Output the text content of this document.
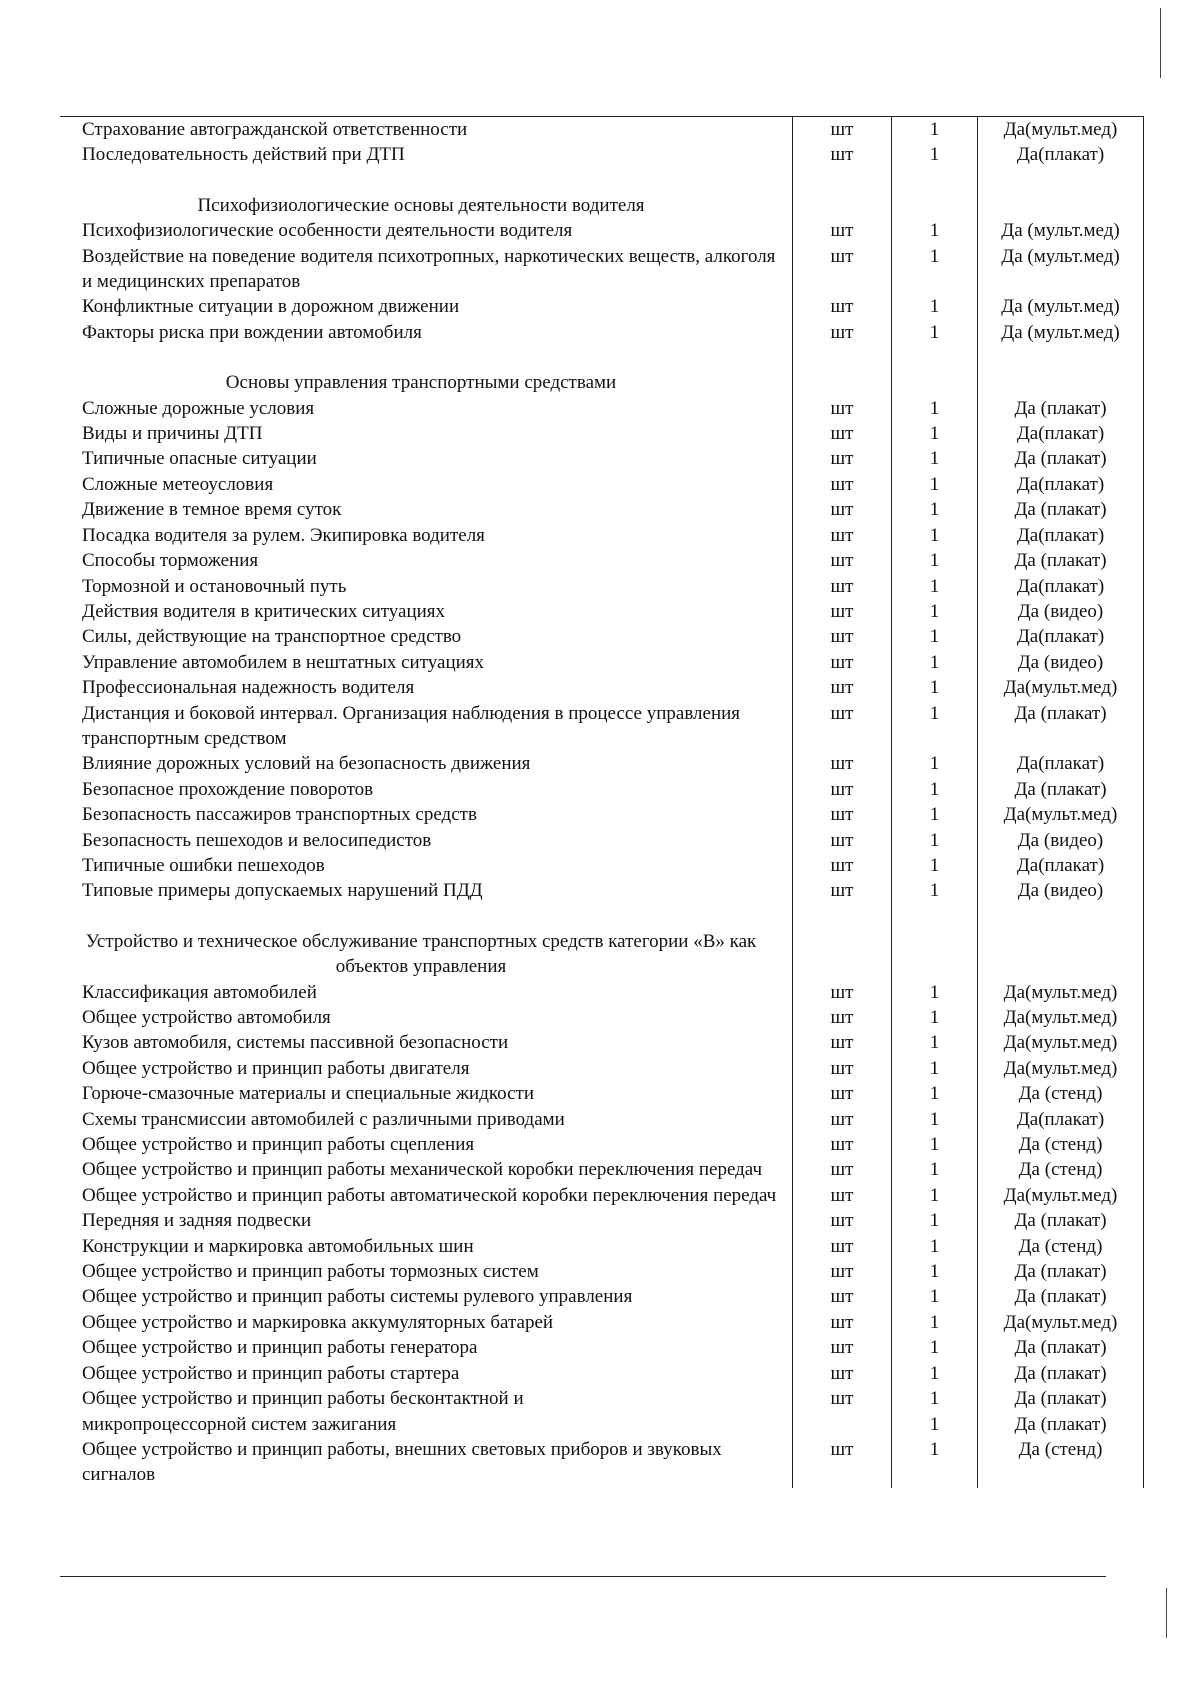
Страхование автогражданской ответственности	шт	1	Да(мульт.мед)
Последовательность действий при ДТП	шт	1	Да(плакат)

Психофизиологические основы деятельности водителя			
Психофизиологические особенности деятельности водителя	шт	1	Да (мульт.мед)
Воздействие на поведение водителя психотропных, наркотических веществ, алкоголя и медицинских препаратов	шт	1	Да (мульт.мед)
Конфликтные ситуации в дорожном движении	шт	1	Да (мульт.мед)
Факторы риска при вождении автомобиля	шт	1	Да (мульт.мед)

Основы управления транспортными средствами			
Сложные дорожные условия	шт	1	Да (плакат)
Виды и причины ДТП	шт	1	Да(плакат)
Типичные опасные ситуации	шт	1	Да (плакат)
Сложные метеоусловия	шт	1	Да(плакат)
Движение в темное время суток	шт	1	Да (плакат)
Посадка водителя за рулем. Экипировка водителя	шт	1	Да(плакат)
Способы торможения	шт	1	Да (плакат)
Тормозной и остановочный путь	шт	1	Да(плакат)
Действия водителя в критических ситуациях	шт	1	Да (видео)
Силы, действующие на транспортное средство	шт	1	Да(плакат)
Управление автомобилем в нештатных ситуациях	шт	1	Да (видео)
Профессиональная надежность водителя	шт	1	Да(мульт.мед)
Дистанция и боковой интервал. Организация наблюдения в процессе управления транспортным средством	шт	1	Да (плакат)
Влияние дорожных условий на безопасность движения	шт	1	Да(плакат)
Безопасное прохождение поворотов	шт	1	Да (плакат)
Безопасность пассажиров транспортных средств	шт	1	Да(мульт.мед)
Безопасность пешеходов и велосипедистов	шт	1	Да (видео)
Типичные ошибки пешеходов	шт	1	Да(плакат)
Типовые примеры допускаемых нарушений ПДД	шт	1	Да (видео)

Устройство и техническое обслуживание транспортных средств категории «В» как объектов управления			
Классификация автомобилей	шт	1	Да(мульт.мед)
Общее устройство автомобиля	шт	1	Да(мульт.мед)
Кузов автомобиля, системы пассивной безопасности	шт	1	Да(мульт.мед)
Общее устройство и принцип работы двигателя	шт	1	Да(мульт.мед)
Горюче-смазочные материалы и специальные жидкости	шт	1	Да (стенд)
Схемы трансмиссии автомобилей с различными приводами	шт	1	Да(плакат)
Общее устройство и принцип работы сцепления	шт	1	Да (стенд)
Общее устройство и принцип работы механической коробки переключения передач	шт	1	Да (стенд)
Общее устройство и принцип работы автоматической коробки переключения передач	шт	1	Да(мульт.мед)
Передняя и задняя подвески	шт	1	Да (плакат)
Конструкции и маркировка автомобильных шин	шт	1	Да (стенд)
Общее устройство и принцип работы тормозных систем	шт	1	Да (плакат)
Общее устройство и принцип работы системы рулевого управления	шт	1	Да (плакат)
Общее устройство и маркировка аккумуляторных батарей	шт	1	Да(мульт.мед)
Общее устройство и принцип работы генератора	шт	1	Да (плакат)
Общее устройство и принцип работы стартера	шт	1	Да (плакат)
Общее устройство и принцип работы бесконтактной и	шт	1	Да (плакат)
микропроцессорной систем зажигания		1	Да (плакат)
Общее устройство и принцип работы, внешних световых приборов и звуковых сигналов	шт	1	Да (стенд)
